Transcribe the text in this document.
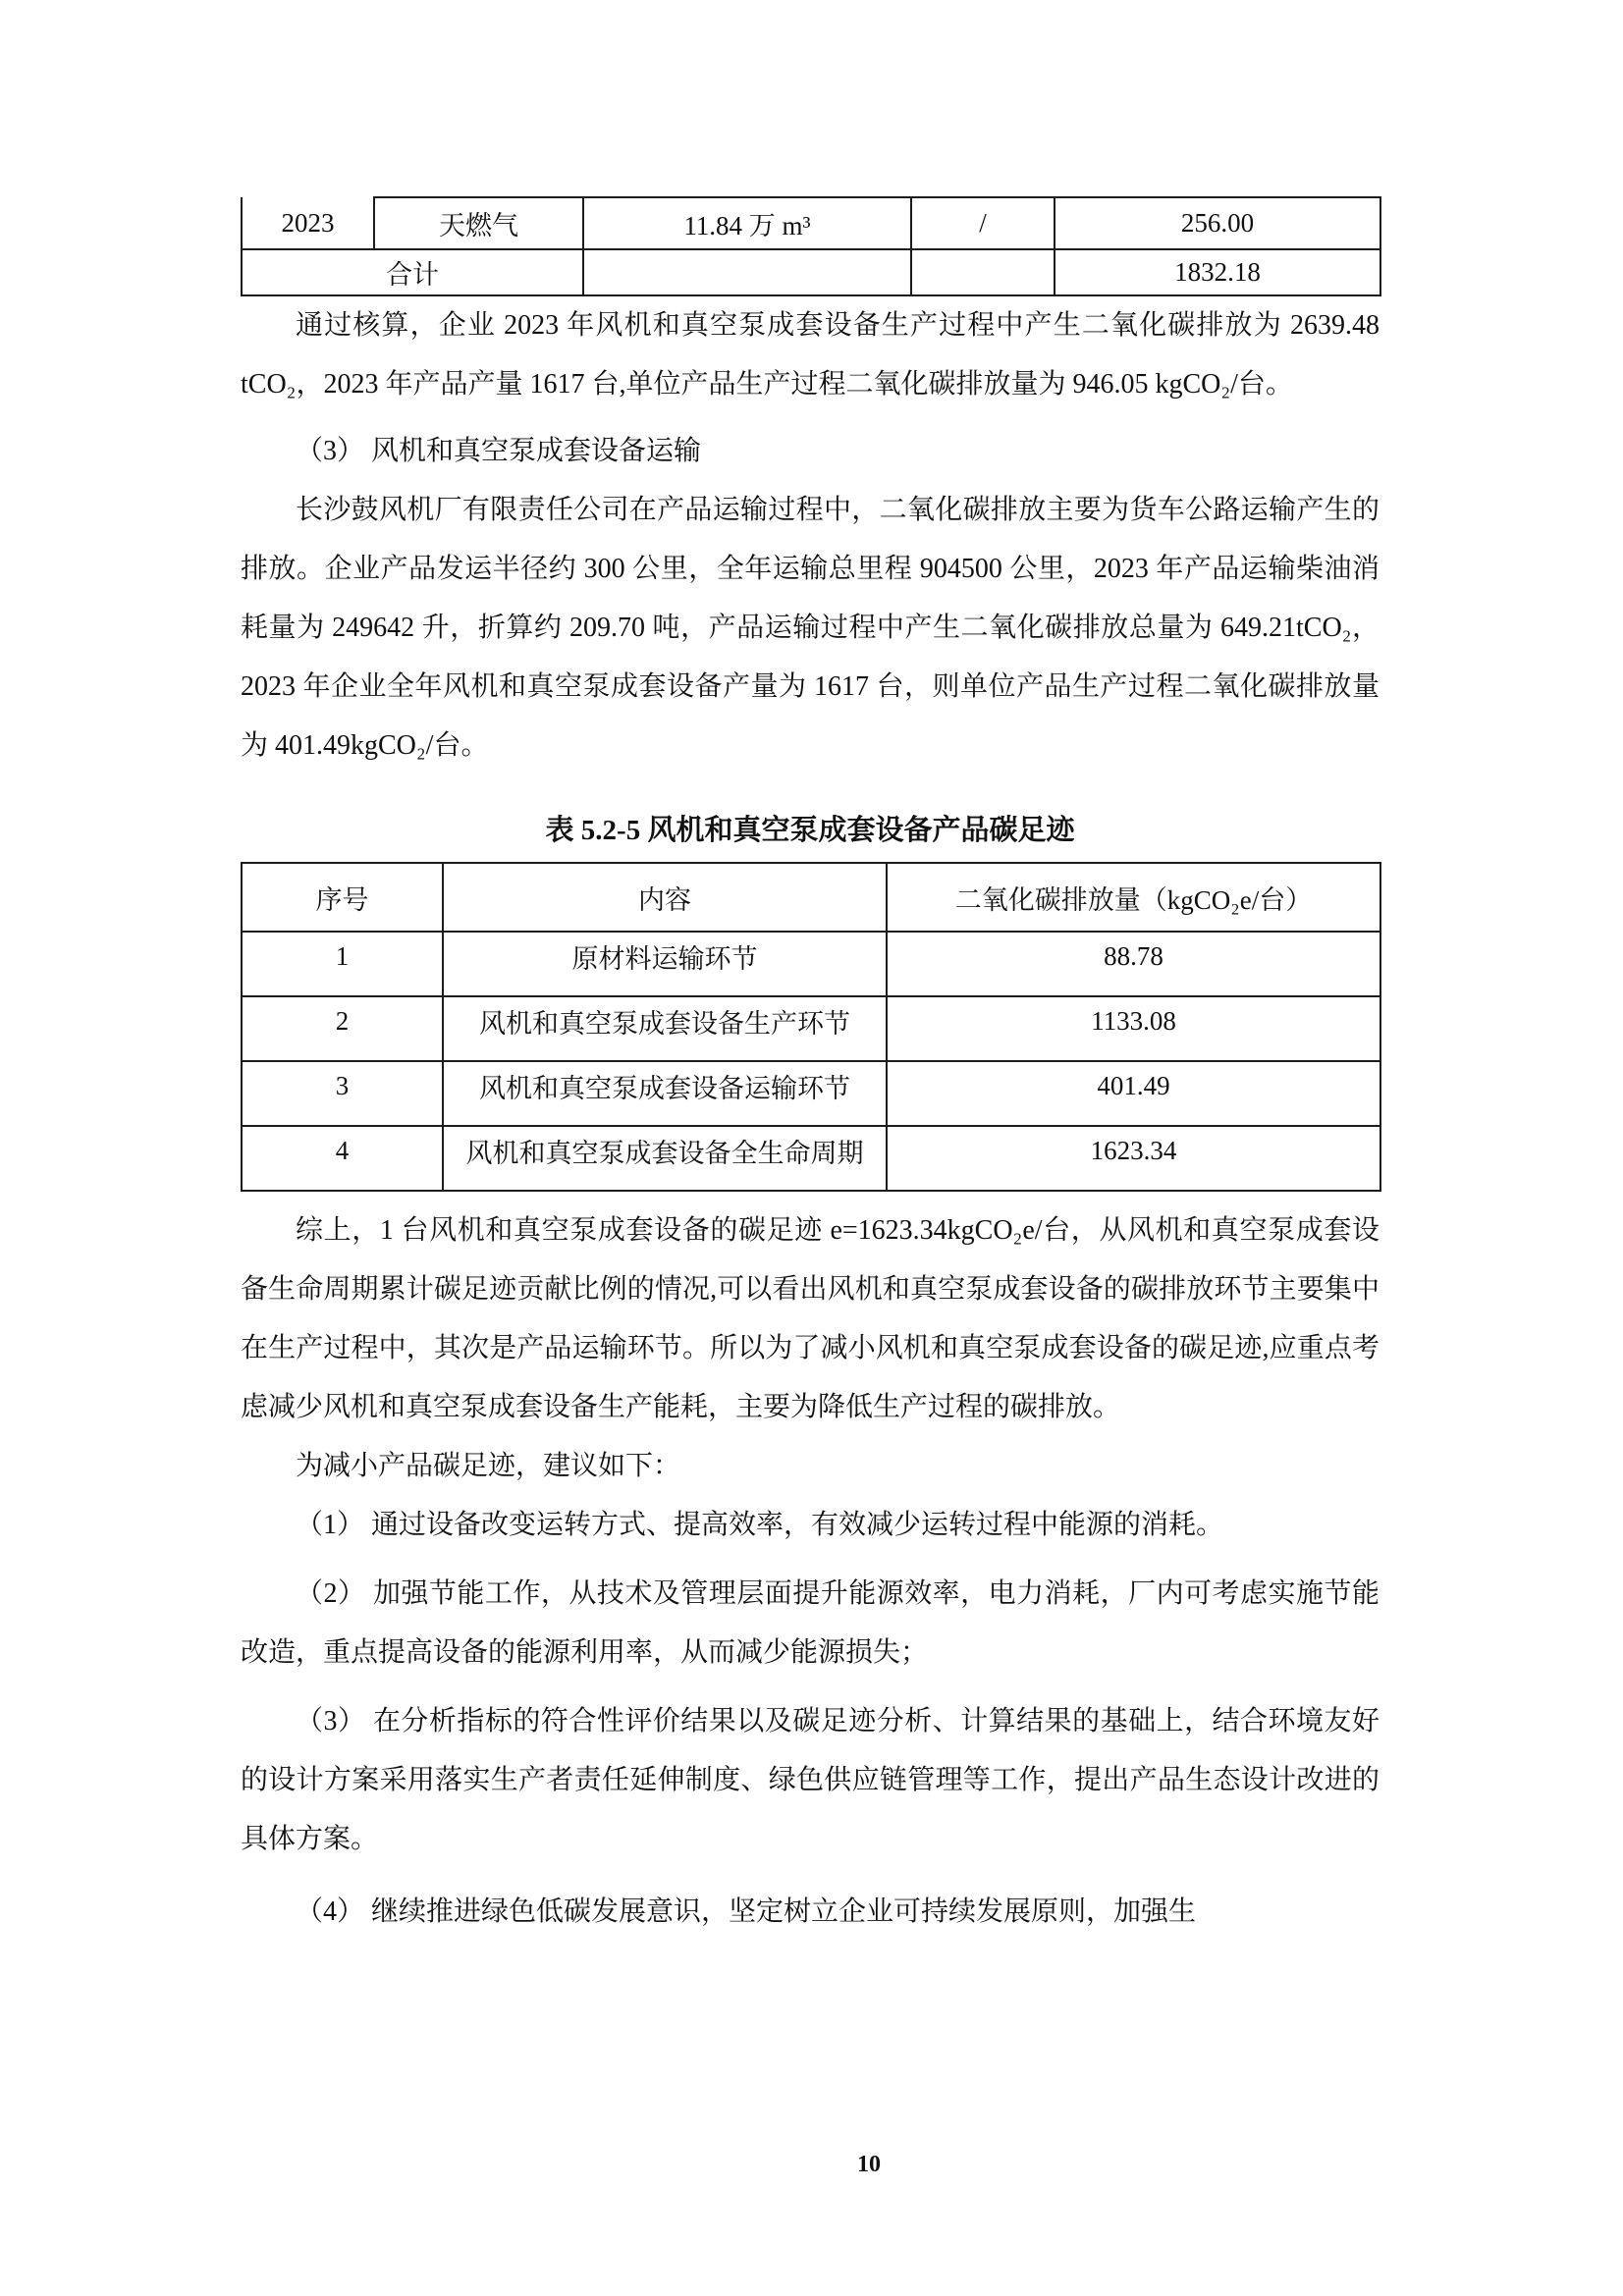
2023	天燃气	11.84 万 m³	/	256.00
合计				1832.18

通过核算，企业 2023 年风机和真空泵成套设备生产过程中产生二氧化碳排放为 2639.48 tCO₂，2023 年产品产量 1617 台,单位产品生产过程二氧化碳排放量为 946.05 kgCO₂/台。

（3） 风机和真空泵成套设备运输

长沙鼓风机厂有限责任公司在产品运输过程中，二氧化碳排放主要为货车公路运输产生的排放。企业产品发运半径约 300 公里，全年运输总里程 904500 公里，2023 年产品运输柴油消耗量为 249642 升，折算约 209.70 吨，产品运输过程中产生二氧化碳排放总量为 649.21tCO₂，2023 年企业全年风机和真空泵成套设备产量为 1617 台，则单位产品生产过程二氧化碳排放量为 401.49kgCO₂/台。

表 5.2-5 风机和真空泵成套设备产品碳足迹
序号	内容	二氧化碳排放量（kgCO₂e/台）
1	原材料运输环节	88.78
2	风机和真空泵成套设备生产环节	1133.08
3	风机和真空泵成套设备运输环节	401.49
4	风机和真空泵成套设备全生命周期	1623.34

综上，1 台风机和真空泵成套设备的碳足迹 e=1623.34kgCO₂e/台，从风机和真空泵成套设备生命周期累计碳足迹贡献比例的情况,可以看出风机和真空泵成套设备的碳排放环节主要集中在生产过程中，其次是产品运输环节。所以为了减小风机和真空泵成套设备的碳足迹,应重点考虑减少风机和真空泵成套设备生产能耗，主要为降低生产过程的碳排放。

为减小产品碳足迹，建议如下：

（1） 通过设备改变运转方式、提高效率，有效减少运转过程中能源的消耗。

（2） 加强节能工作，从技术及管理层面提升能源效率，电力消耗，厂内可考虑实施节能改造，重点提高设备的能源利用率，从而减少能源损失；

（3） 在分析指标的符合性评价结果以及碳足迹分析、计算结果的基础上，结合环境友好的设计方案采用落实生产者责任延伸制度、绿色供应链管理等工作，提出产品生态设计改进的具体方案。

（4） 继续推进绿色低碳发展意识，坚定树立企业可持续发展原则，加强生

10
